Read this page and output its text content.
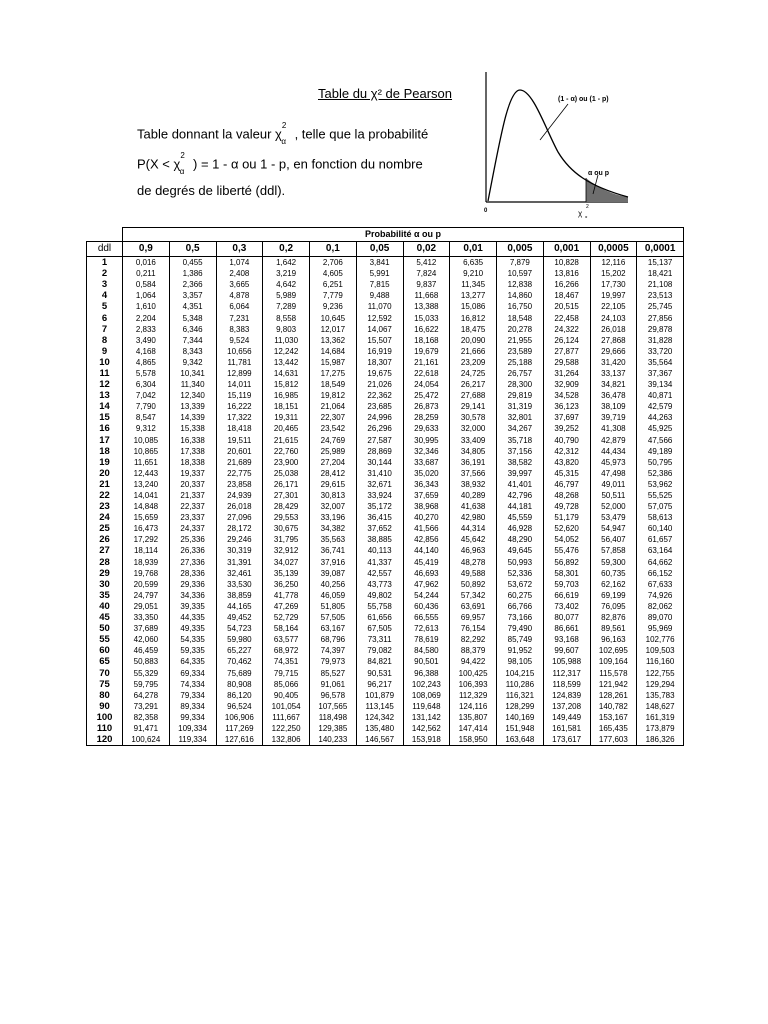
Table du χ² de Pearson
Table donnant la valeur $\chi^2_\alpha$ , telle que la probabilité
$P(X < \chi^2_\alpha$ ) = 1 - α ou 1 - p, en fonction du nombre
de degrés de liberté (ddl).
(1 - α) ou (1 - p)
α ou p
0	χ
2
α
	Probabilité α ou p											
ddl	0,9	0,5	0,3	0,2	0,1	0,05	0,02	0,01	0,005	0,001	0,0005	0,0001
1	0,016	0,455	1,074	1,642	2,706	3,841	5,412	6,635	7,879	10,828	12,116	15,137
2	0,211	1,386	2,408	3,219	4,605	5,991	7,824	9,210	10,597	13,816	15,202	18,421
3	0,584	2,366	3,665	4,642	6,251	7,815	9,837	11,345	12,838	16,266	17,730	21,108
4	1,064	3,357	4,878	5,989	7,779	9,488	11,668	13,277	14,860	18,467	19,997	23,513
5	1,610	4,351	6,064	7,289	9,236	11,070	13,388	15,086	16,750	20,515	22,105	25,745
6	2,204	5,348	7,231	8,558	10,645	12,592	15,033	16,812	18,548	22,458	24,103	27,856
7	2,833	6,346	8,383	9,803	12,017	14,067	16,622	18,475	20,278	24,322	26,018	29,878
8	3,490	7,344	9,524	11,030	13,362	15,507	18,168	20,090	21,955	26,124	27,868	31,828
9	4,168	8,343	10,656	12,242	14,684	16,919	19,679	21,666	23,589	27,877	29,666	33,720
10	4,865	9,342	11,781	13,442	15,987	18,307	21,161	23,209	25,188	29,588	31,420	35,564
11	5,578	10,341	12,899	14,631	17,275	19,675	22,618	24,725	26,757	31,264	33,137	37,367
12	6,304	11,340	14,011	15,812	18,549	21,026	24,054	26,217	28,300	32,909	34,821	39,134
13	7,042	12,340	15,119	16,985	19,812	22,362	25,472	27,688	29,819	34,528	36,478	40,871
14	7,790	13,339	16,222	18,151	21,064	23,685	26,873	29,141	31,319	36,123	38,109	42,579
15	8,547	14,339	17,322	19,311	22,307	24,996	28,259	30,578	32,801	37,697	39,719	44,263
16	9,312	15,338	18,418	20,465	23,542	26,296	29,633	32,000	34,267	39,252	41,308	45,925
17	10,085	16,338	19,511	21,615	24,769	27,587	30,995	33,409	35,718	40,790	42,879	47,566
18	10,865	17,338	20,601	22,760	25,989	28,869	32,346	34,805	37,156	42,312	44,434	49,189
19	11,651	18,338	21,689	23,900	27,204	30,144	33,687	36,191	38,582	43,820	45,973	50,795
20	12,443	19,337	22,775	25,038	28,412	31,410	35,020	37,566	39,997	45,315	47,498	52,386
21	13,240	20,337	23,858	26,171	29,615	32,671	36,343	38,932	41,401	46,797	49,011	53,962
22	14,041	21,337	24,939	27,301	30,813	33,924	37,659	40,289	42,796	48,268	50,511	55,525
23	14,848	22,337	26,018	28,429	32,007	35,172	38,968	41,638	44,181	49,728	52,000	57,075
24	15,659	23,337	27,096	29,553	33,196	36,415	40,270	42,980	45,559	51,179	53,479	58,613
25	16,473	24,337	28,172	30,675	34,382	37,652	41,566	44,314	46,928	52,620	54,947	60,140
26	17,292	25,336	29,246	31,795	35,563	38,885	42,856	45,642	48,290	54,052	56,407	61,657
27	18,114	26,336	30,319	32,912	36,741	40,113	44,140	46,963	49,645	55,476	57,858	63,164
28	18,939	27,336	31,391	34,027	37,916	41,337	45,419	48,278	50,993	56,892	59,300	64,662
29	19,768	28,336	32,461	35,139	39,087	42,557	46,693	49,588	52,336	58,301	60,735	66,152
30	20,599	29,336	33,530	36,250	40,256	43,773	47,962	50,892	53,672	59,703	62,162	67,633
35	24,797	34,336	38,859	41,778	46,059	49,802	54,244	57,342	60,275	66,619	69,199	74,926
40	29,051	39,335	44,165	47,269	51,805	55,758	60,436	63,691	66,766	73,402	76,095	82,062
45	33,350	44,335	49,452	52,729	57,505	61,656	66,555	69,957	73,166	80,077	82,876	89,070
50	37,689	49,335	54,723	58,164	63,167	67,505	72,613	76,154	79,490	86,661	89,561	95,969
55	42,060	54,335	59,980	63,577	68,796	73,311	78,619	82,292	85,749	93,168	96,163	102,776
60	46,459	59,335	65,227	68,972	74,397	79,082	84,580	88,379	91,952	99,607	102,695	109,503
65	50,883	64,335	70,462	74,351	79,973	84,821	90,501	94,422	98,105	105,988	109,164	116,160
70	55,329	69,334	75,689	79,715	85,527	90,531	96,388	100,425	104,215	112,317	115,578	122,755
75	59,795	74,334	80,908	85,066	91,061	96,217	102,243	106,393	110,286	118,599	121,942	129,294
80	64,278	79,334	86,120	90,405	96,578	101,879	108,069	112,329	116,321	124,839	128,261	135,783
90	73,291	89,334	96,524	101,054	107,565	113,145	119,648	124,116	128,299	137,208	140,782	148,627
100	82,358	99,334	106,906	111,667	118,498	124,342	131,142	135,807	140,169	149,449	153,167	161,319
110	91,471	109,334	117,269	122,250	129,385	135,480	142,562	147,414	151,948	161,581	165,435	173,879
120	100,624	119,334	127,616	132,806	140,233	146,567	153,918	158,950	163,648	173,617	177,603	186,326
